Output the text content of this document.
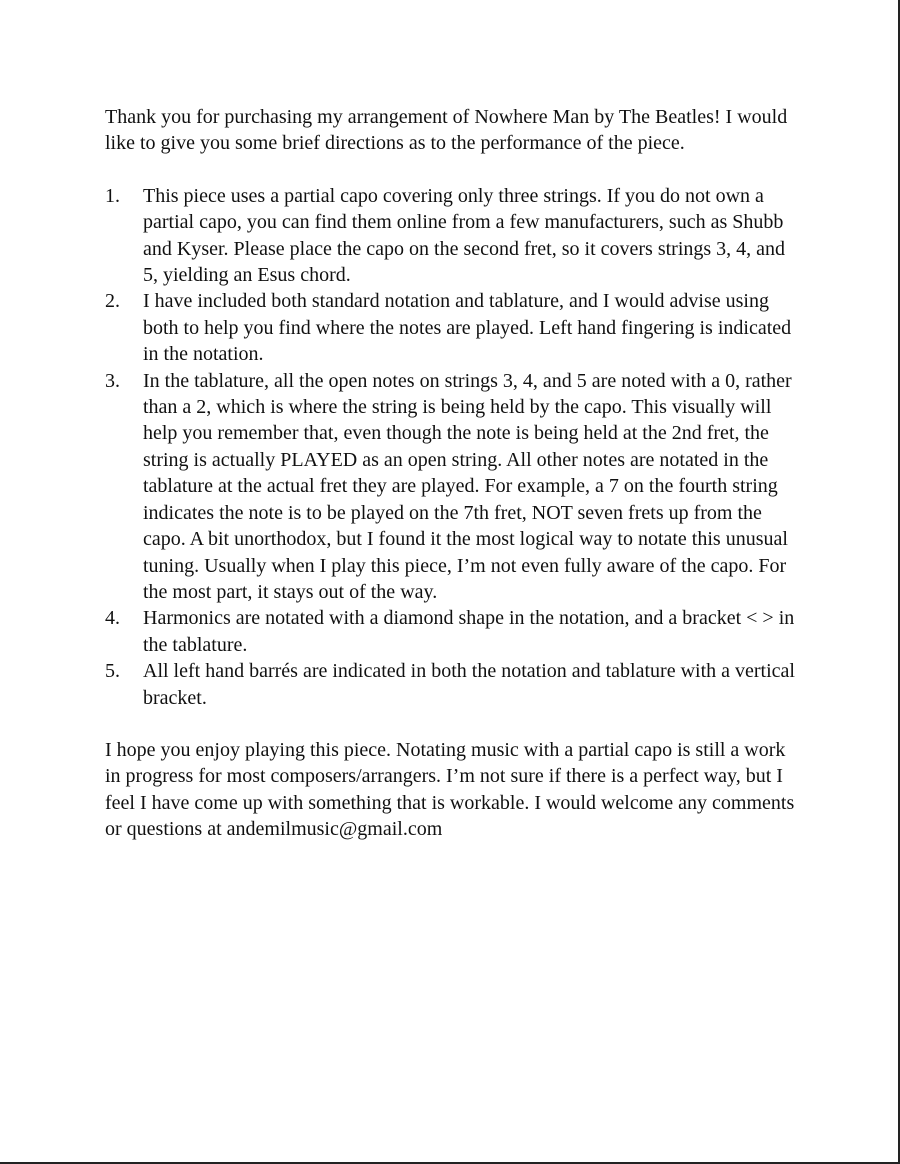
Thank you for purchasing my arrangement of Nowhere Man by The Beatles! I would like to give you some brief directions as to the performance of the piece.

1. This piece uses a partial capo covering only three strings. If you do not own a partial capo, you can find them online from a few manufacturers, such as Shubb and Kyser. Please place the capo on the second fret, so it covers strings 3, 4, and 5, yielding an Esus chord.
2. I have included both standard notation and tablature, and I would advise using both to help you find where the notes are played. Left hand fingering is indicated in the notation.
3. In the tablature, all the open notes on strings 3, 4, and 5 are noted with a 0, rather than a 2, which is where the string is being held by the capo. This visually will help you remember that, even though the note is being held at the 2nd fret, the string is actually PLAYED as an open string. All other notes are notated in the tablature at the actual fret they are played. For example, a 7 on the fourth string indicates the note is to be played on the 7th fret, NOT seven frets up from the capo. A bit unorthodox, but I found it the most logical way to notate this unusual tuning. Usually when I play this piece, I’m not even fully aware of the capo. For the most part, it stays out of the way.
4. Harmonics are notated with a diamond shape in the notation, and a bracket < > in the tablature.
5. All left hand barrés are indicated in both the notation and tablature with a vertical bracket.

I hope you enjoy playing this piece. Notating music with a partial capo is still a work in progress for most composers/arrangers. I’m not sure if there is a perfect way, but I feel I have come up with something that is workable. I would welcome any comments or questions at andemilmusic@gmail.com
